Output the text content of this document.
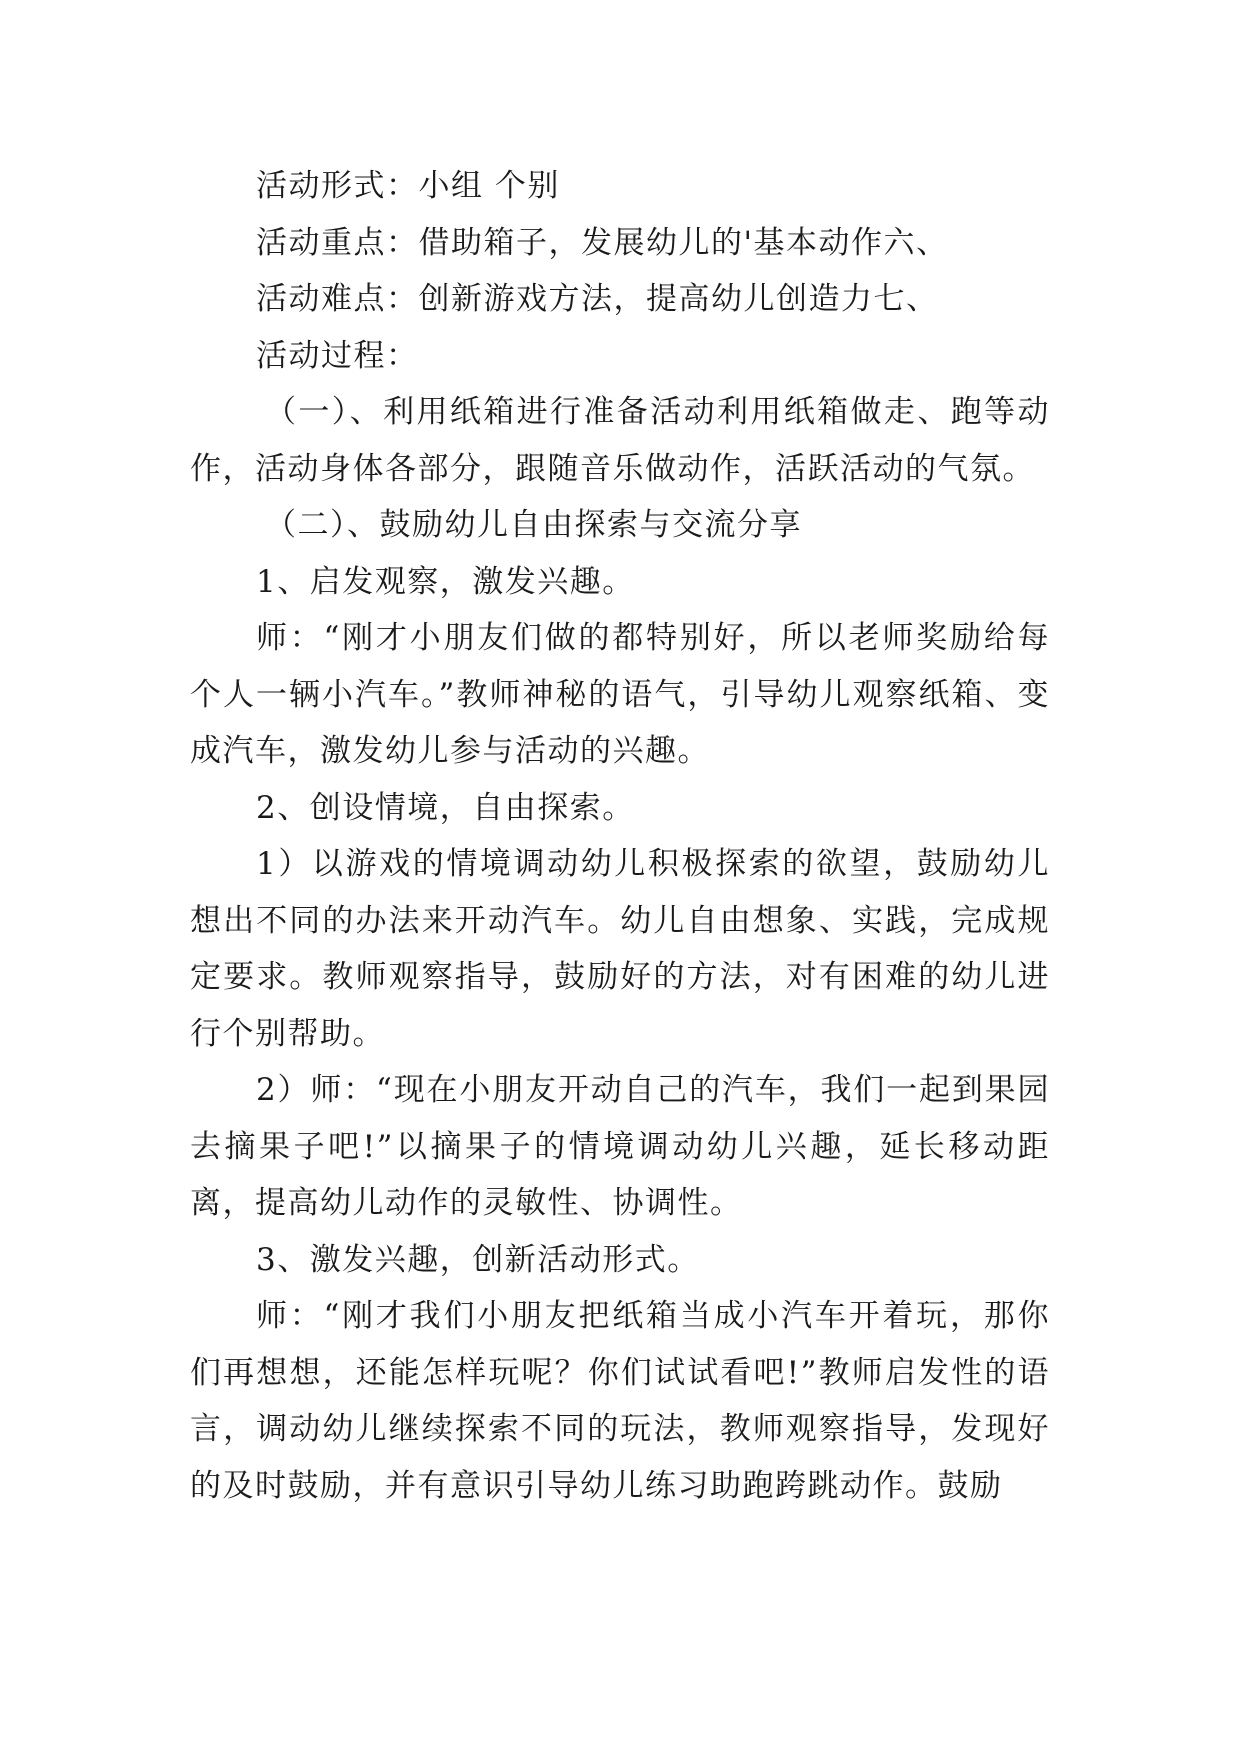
活动形式：小组 个别

活动重点：借助箱子，发展幼儿的'基本动作六、

活动难点：创新游戏方法，提高幼儿创造力七、

活动过程：

（一）、利用纸箱进行准备活动利用纸箱做走、跑等动作，活动身体各部分，跟随音乐做动作，活跃活动的气氛。

（二）、鼓励幼儿自由探索与交流分享

1、启发观察，激发兴趣。

师：“刚才小朋友们做的都特别好，所以老师奖励给每个人一辆小汽车。”教师神秘的语气，引导幼儿观察纸箱、变成汽车，激发幼儿参与活动的兴趣。

2、创设情境，自由探索。

1）以游戏的情境调动幼儿积极探索的欲望，鼓励幼儿想出不同的办法来开动汽车。幼儿自由想象、实践，完成规定要求。教师观察指导，鼓励好的方法，对有困难的幼儿进行个别帮助。

2）师：“现在小朋友开动自己的汽车，我们一起到果园去摘果子吧!”以摘果子的情境调动幼儿兴趣，延长移动距离，提高幼儿动作的灵敏性、协调性。

3、激发兴趣，创新活动形式。

师：“刚才我们小朋友把纸箱当成小汽车开着玩，那你们再想想，还能怎样玩呢？你们试试看吧!”教师启发性的语言，调动幼儿继续探索不同的玩法，教师观察指导，发现好的及时鼓励，并有意识引导幼儿练习助跑跨跳动作。鼓励
